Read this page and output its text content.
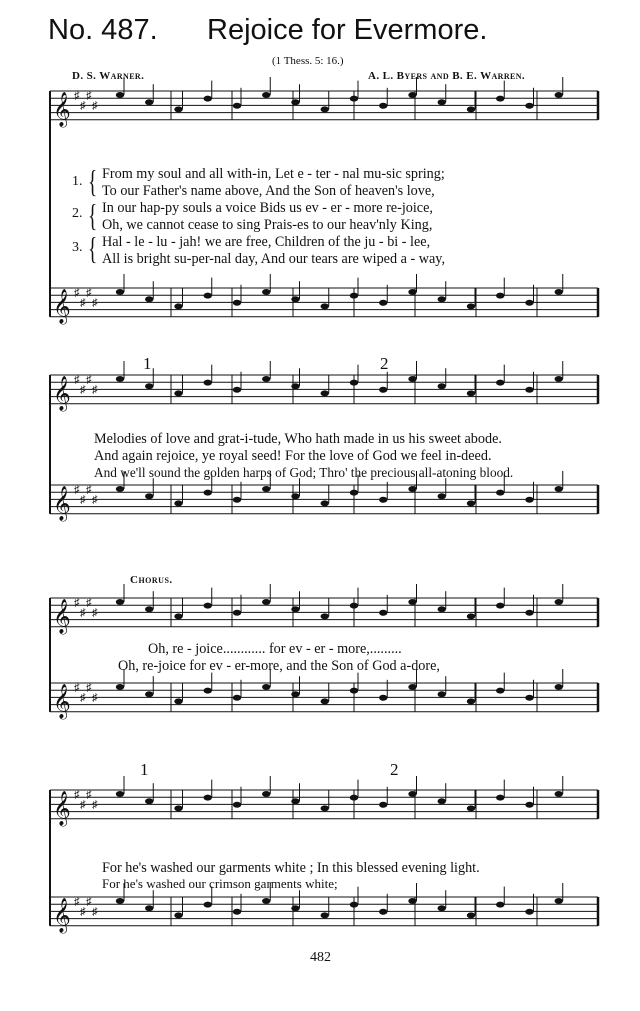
𝄞 ♯
♯
♯
♯
𝄞 ♯
♯
♯
♯
𝄞 ♯
♯
♯
♯
𝄞 ♯
♯
♯
♯
𝄞 ♯
♯
♯
♯
𝄞 ♯
♯
♯
♯
𝄞 ♯
♯
♯
♯
𝄞 ♯
♯
♯
♯
No. 487. Rejoice for Evermore.
(1 Thess. 5: 16.)
D. S. Warner.	A. L. Byers and B. E. Warren.
1.
2.
3.
{
{
{
From my soul and all with-in, Let e - ter - nal mu-sic spring;
To our Father's name above, And the Son of heaven's love,
In our hap-py souls a voice Bids us ev - er - more re-joice,
Oh, we cannot cease to sing Prais-es to our heav'nly King,
Hal - le - lu - jah! we are free, Children of the ju - bi - lee,
All is bright su-per-nal day, And our tears are wiped a - way,
1	2
Melodies of love and grat-i-tude, Who hath made in us his sweet abode.
And again rejoice, ye royal seed! For the love of God we feel in-deed.
And we'll sound the golden harps of God; Thro' the precious all-atoning blood.
Chorus.
Oh, re - joice............ for ev - er - more,.........
Oh, re-joice for ev - er-more, and the Son of God a-dore,
1	2
For he's washed our garments white ; In this blessed evening light.
For he's washed our crimson garments white;
482
